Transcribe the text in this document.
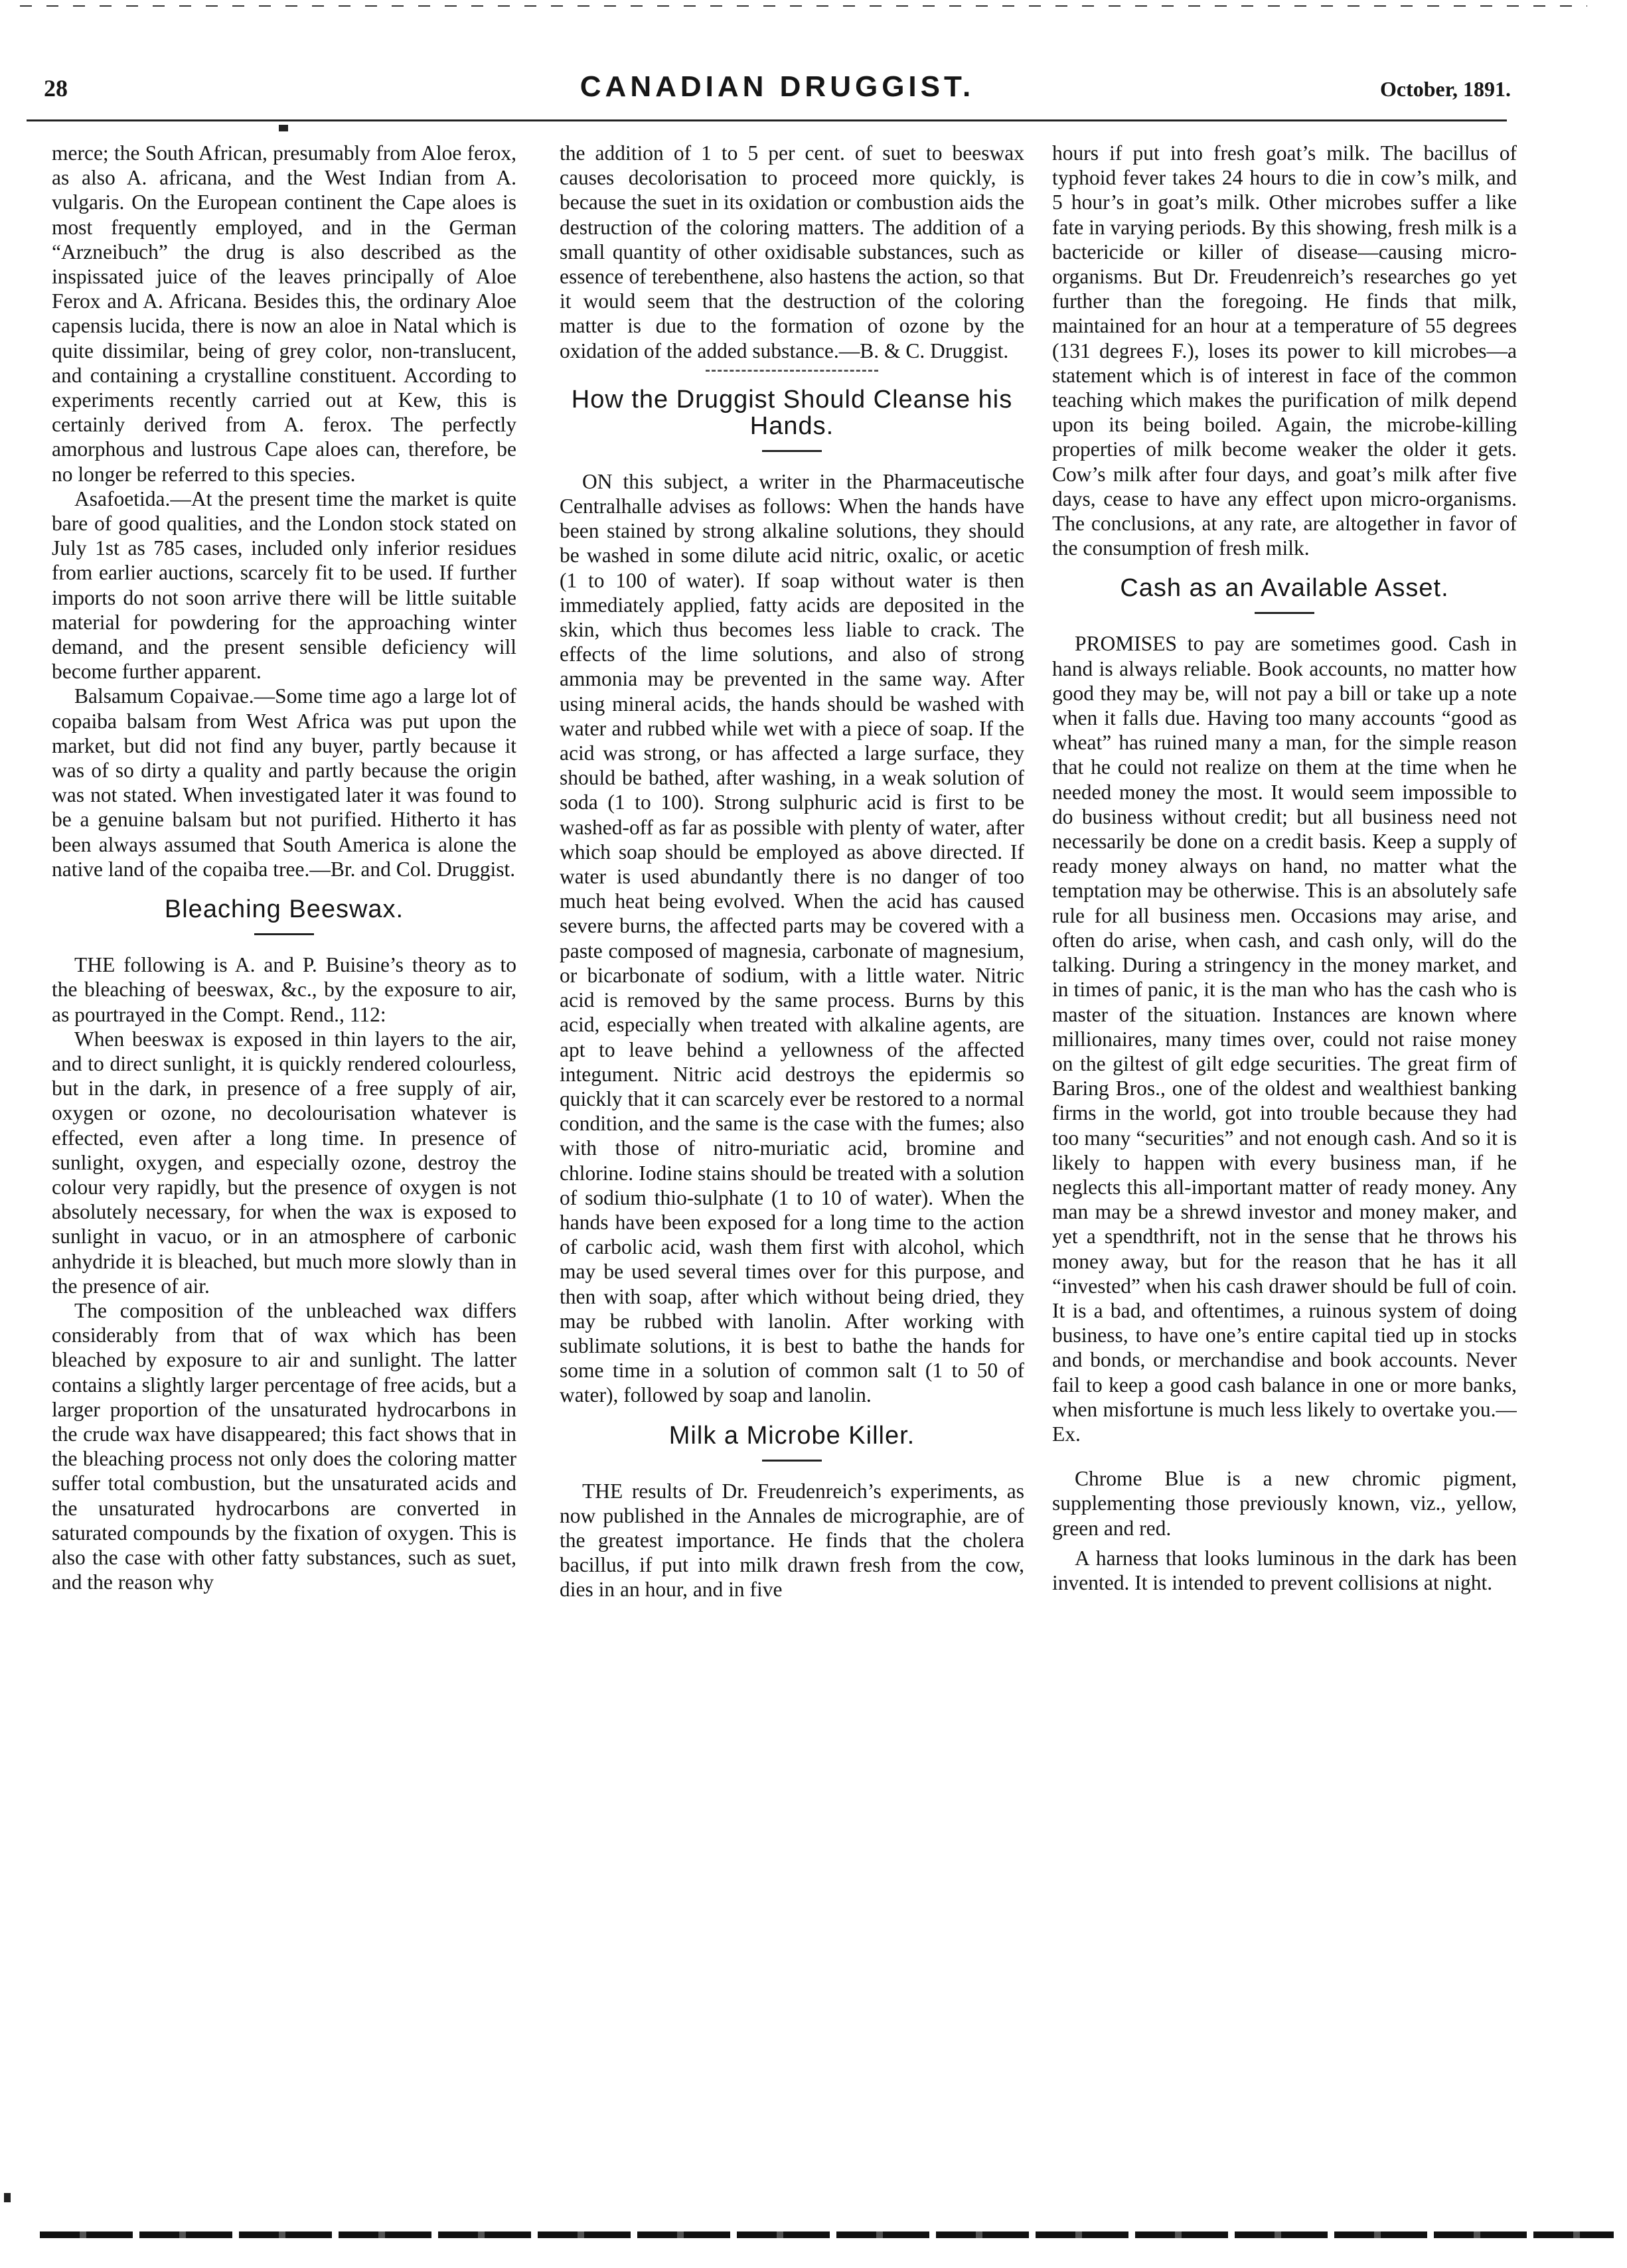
28	CANADIAN DRUGGIST.	October, 1891.

merce; the South African, presumably from Aloe ferox, as also A. africana, and the West Indian from A. vulgaris. On the European continent the Cape aloes is most frequently employed, and in the German “Arzneibuch” the drug is also described as the inspissated juice of the leaves principally of Aloe Ferox and A. Africana. Besides this, the ordinary Aloe capensis lucida, there is now an aloe in Natal which is quite dissimilar, being of grey color, non-translucent, and containing a crystalline constituent. According to experiments recently carried out at Kew, this is certainly derived from A. ferox. The perfectly amorphous and lustrous Cape aloes can, therefore, be no longer be referred to this species.

Asafoetida.—At the present time the market is quite bare of good qualities, and the London stock stated on July 1st as 785 cases, included only inferior residues from earlier auctions, scarcely fit to be used. If further imports do not soon arrive there will be little suitable material for powdering for the approaching winter demand, and the present sensible deficiency will become further apparent.

Balsamum Copaivae.—Some time ago a large lot of copaiba balsam from West Africa was put upon the market, but did not find any buyer, partly because it was of so dirty a quality and partly because the origin was not stated. When investigated later it was found to be a genuine balsam but not purified. Hitherto it has been always assumed that South America is alone the native land of the copaiba tree.—Br. and Col. Druggist.

Bleaching Beeswax.

THE following is A. and P. Buisine’s theory as to the bleaching of beeswax, &c., by the exposure to air, as pourtrayed in the Compt. Rend., 112:

When beeswax is exposed in thin layers to the air, and to direct sunlight, it is quickly rendered colourless, but in the dark, in presence of a free supply of air, oxygen or ozone, no decolourisation whatever is effected, even after a long time. In presence of sunlight, oxygen, and especially ozone, destroy the colour very rapidly, but the presence of oxygen is not absolutely necessary, for when the wax is exposed to sunlight in vacuo, or in an atmosphere of carbonic anhydride it is bleached, but much more slowly than in the presence of air.

The composition of the unbleached wax differs considerably from that of wax which has been bleached by exposure to air and sunlight. The latter contains a slightly larger percentage of free acids, but a larger proportion of the unsaturated hydrocarbons in the crude wax have disappeared; this fact shows that in the bleaching process not only does the coloring matter suffer total combustion, but the unsaturated acids and the unsaturated hydrocarbons are converted in saturated compounds by the fixation of oxygen. This is also the case with other fatty substances, such as suet, and the reason why

the addition of 1 to 5 per cent. of suet to beeswax causes decolorisation to proceed more quickly, is because the suet in its oxidation or combustion aids the destruction of the coloring matters. The addition of a small quantity of other oxidisable substances, such as essence of terebenthene, also hastens the action, so that it would seem that the destruction of the coloring matter is due to the formation of ozone by the oxidation of the added substance.—B. & C. Druggist.

How the Druggist Should Cleanse his Hands.

ON this subject, a writer in the Pharmaceutische Centralhalle advises as follows: When the hands have been stained by strong alkaline solutions, they should be washed in some dilute acid nitric, oxalic, or acetic (1 to 100 of water). If soap without water is then immediately applied, fatty acids are deposited in the skin, which thus becomes less liable to crack. The effects of the lime solutions, and also of strong ammonia may be prevented in the same way. After using mineral acids, the hands should be washed with water and rubbed while wet with a piece of soap. If the acid was strong, or has affected a large surface, they should be bathed, after washing, in a weak solution of soda (1 to 100). Strong sulphuric acid is first to be washed-off as far as possible with plenty of water, after which soap should be employed as above directed. If water is used abundantly there is no danger of too much heat being evolved. When the acid has caused severe burns, the affected parts may be covered with a paste composed of magnesia, carbonate of magnesium, or bicarbonate of sodium, with a little water. Nitric acid is removed by the same process. Burns by this acid, especially when treated with alkaline agents, are apt to leave behind a yellowness of the affected integument. Nitric acid destroys the epidermis so quickly that it can scarcely ever be restored to a normal condition, and the same is the case with the fumes; also with those of nitro-muriatic acid, bromine and chlorine. Iodine stains should be treated with a solution of sodium thio-sulphate (1 to 10 of water). When the hands have been exposed for a long time to the action of carbolic acid, wash them first with alcohol, which may be used several times over for this purpose, and then with soap, after which without being dried, they may be rubbed with lanolin. After working with sublimate solutions, it is best to bathe the hands for some time in a solution of common salt (1 to 50 of water), followed by soap and lanolin.

Milk a Microbe Killer.

THE results of Dr. Freudenreich’s experiments, as now published in the Annales de micrographie, are of the greatest importance. He finds that the cholera bacillus, if put into milk drawn fresh from the cow, dies in an hour, and in five

hours if put into fresh goat’s milk. The bacillus of typhoid fever takes 24 hours to die in cow’s milk, and 5 hour’s in goat’s milk. Other microbes suffer a like fate in varying periods. By this showing, fresh milk is a bactericide or killer of disease—causing micro-organisms. But Dr. Freudenreich’s researches go yet further than the foregoing. He finds that milk, maintained for an hour at a temperature of 55 degrees (131 degrees F.), loses its power to kill microbes—a statement which is of interest in face of the common teaching which makes the purification of milk depend upon its being boiled. Again, the microbe-killing properties of milk become weaker the older it gets. Cow’s milk after four days, and goat’s milk after five days, cease to have any effect upon micro-organisms. The conclusions, at any rate, are altogether in favor of the consumption of fresh milk.

Cash as an Available Asset.

PROMISES to pay are sometimes good. Cash in hand is always reliable. Book accounts, no matter how good they may be, will not pay a bill or take up a note when it falls due. Having too many accounts “good as wheat” has ruined many a man, for the simple reason that he could not realize on them at the time when he needed money the most. It would seem impossible to do business without credit; but all business need not necessarily be done on a credit basis. Keep a supply of ready money always on hand, no matter what the temptation may be otherwise. This is an absolutely safe rule for all business men. Occasions may arise, and often do arise, when cash, and cash only, will do the talking. During a stringency in the money market, and in times of panic, it is the man who has the cash who is master of the situation. Instances are known where millionaires, many times over, could not raise money on the giltest of gilt edge securities. The great firm of Baring Bros., one of the oldest and wealthiest banking firms in the world, got into trouble because they had too many “securities” and not enough cash. And so it is likely to happen with every business man, if he neglects this all-important matter of ready money. Any man may be a shrewd investor and money maker, and yet a spendthrift, not in the sense that he throws his money away, but for the reason that he has it all “invested” when his cash drawer should be full of coin. It is a bad, and oftentimes, a ruinous system of doing business, to have one’s entire capital tied up in stocks and bonds, or merchandise and book accounts. Never fail to keep a good cash balance in one or more banks, when misfortune is much less likely to overtake you.—Ex.

Chrome Blue is a new chromic pigment, supplementing those previously known, viz., yellow, green and red.

A harness that looks luminous in the dark has been invented. It is intended to prevent collisions at night.
